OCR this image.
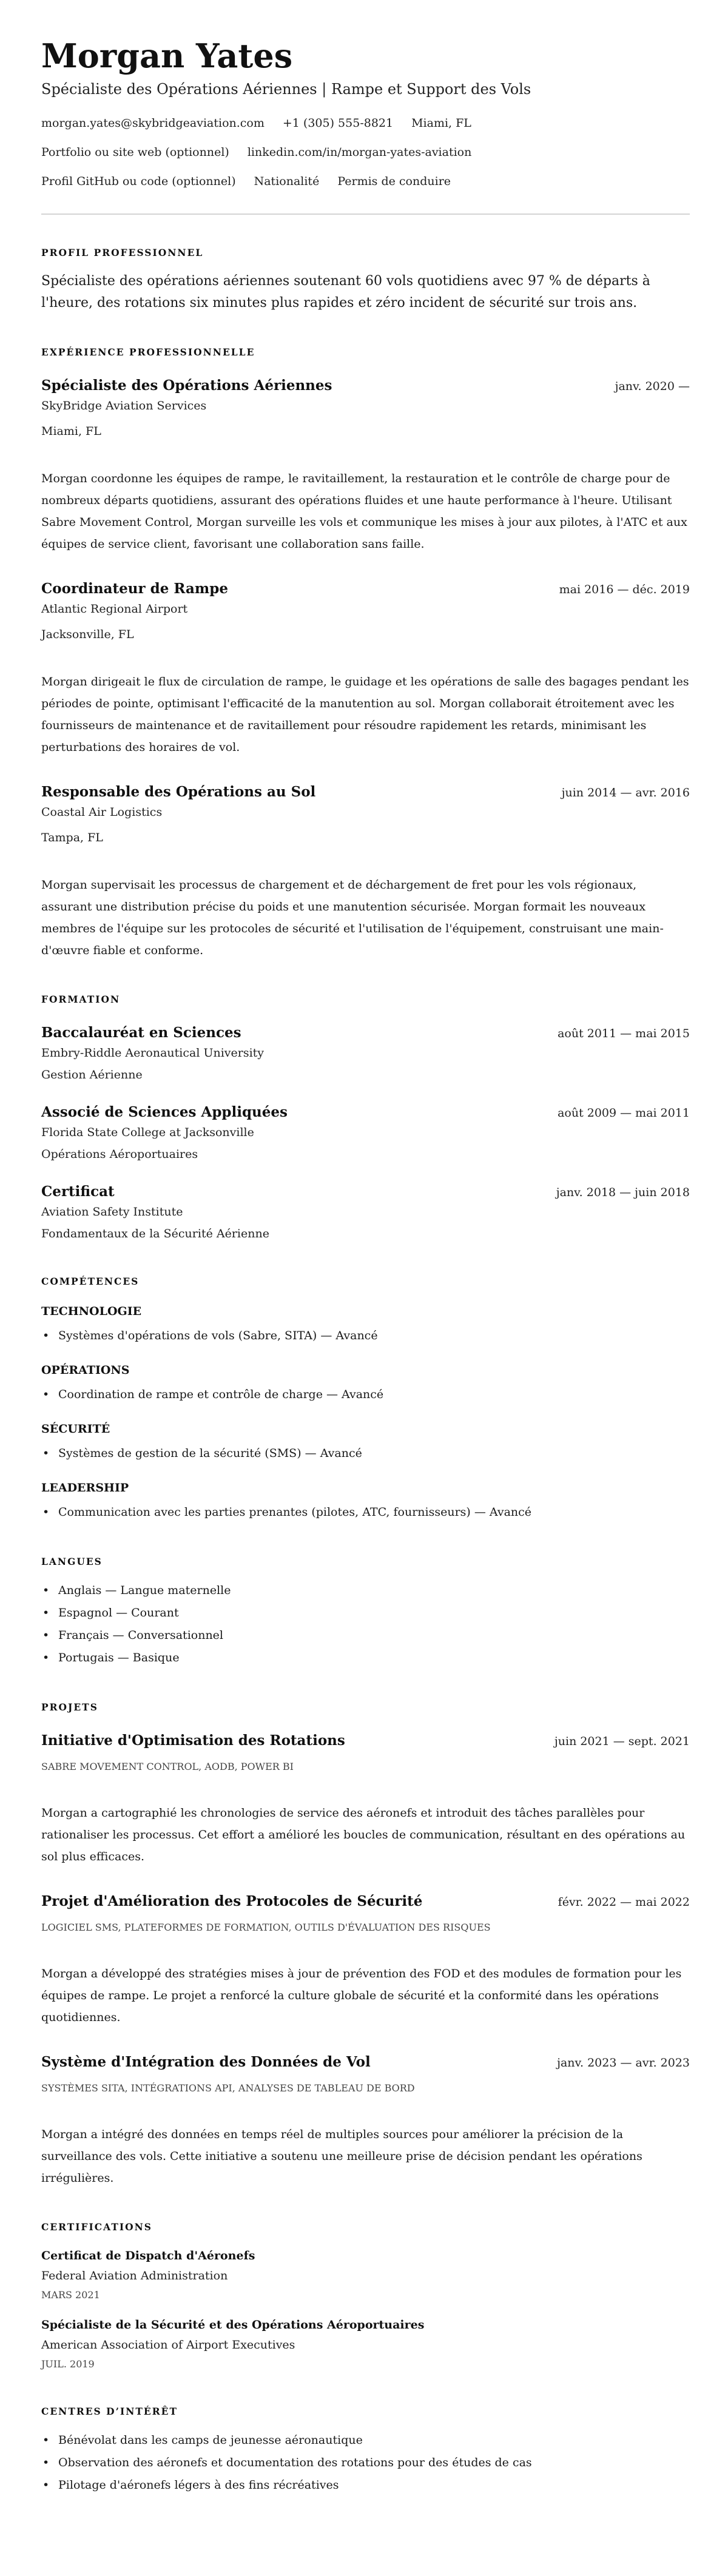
Morgan Yates
Spécialiste des Opérations Aériennes | Rampe et Support des Vols
morgan.yates@skybridgeaviation.com +1 (305) 555-8821 Miami, FL
Portfolio ou site web (optionnel) linkedin.com/in/morgan-yates-aviation
Profil GitHub ou code (optionnel) Nationalité Permis de conduire
PROFIL PROFESSIONNEL

Spécialiste des opérations aériennes soutenant 60 vols quotidiens avec 97 % de départs à l'heure, des rotations six minutes plus rapides et zéro incident de sécurité sur trois ans.

EXPÉRIENCE PROFESSIONNELLE
Spécialiste des Opérations Aériennes	janv. 2020 —
SkyBridge Aviation Services
Miami, FL
Morgan coordonne les équipes de rampe, le ravitaillement, la restauration et le contrôle de charge pour de nombreux départs quotidiens, assurant des opérations fluides et une haute performance à l'heure. Utilisant Sabre Movement Control, Morgan surveille les vols et communique les mises à jour aux pilotes, à l'ATC et aux équipes de service client, favorisant une collaboration sans faille.
Coordinateur de Rampe	mai 2016 — déc. 2019
Atlantic Regional Airport
Jacksonville, FL
Morgan dirigeait le flux de circulation de rampe, le guidage et les opérations de salle des bagages pendant les périodes de pointe, optimisant l'efficacité de la manutention au sol. Morgan collaborait étroitement avec les fournisseurs de maintenance et de ravitaillement pour résoudre rapidement les retards, minimisant les perturbations des horaires de vol.
Responsable des Opérations au Sol	juin 2014 — avr. 2016
Coastal Air Logistics
Tampa, FL
Morgan supervisait les processus de chargement et de déchargement de fret pour les vols régionaux, assurant une distribution précise du poids et une manutention sécurisée. Morgan formait les nouveaux membres de l'équipe sur les protocoles de sécurité et l'utilisation de l'équipement, construisant une main-d'œuvre fiable et conforme.
FORMATION
Baccalauréat en Sciences	août 2011 — mai 2015
Embry-Riddle Aeronautical University
Gestion Aérienne
Associé de Sciences Appliquées	août 2009 — mai 2011
Florida State College at Jacksonville
Opérations Aéroportuaires
Certificat	janv. 2018 — juin 2018
Aviation Safety Institute
Fondamentaux de la Sécurité Aérienne
COMPÉTENCES
TECHNOLOGIE
• Systèmes d'opérations de vols (Sabre, SITA) — Avancé
OPÉRATIONS
• Coordination de rampe et contrôle de charge — Avancé
SÉCURITÉ
• Systèmes de gestion de la sécurité (SMS) — Avancé
LEADERSHIP
• Communication avec les parties prenantes (pilotes, ATC, fournisseurs) — Avancé
LANGUES
• Anglais — Langue maternelle
• Espagnol — Courant
• Français — Conversationnel
• Portugais — Basique
PROJETS
Initiative d'Optimisation des Rotations	juin 2021 — sept. 2021
SABRE MOVEMENT CONTROL, AODB, POWER BI
Morgan a cartographié les chronologies de service des aéronefs et introduit des tâches parallèles pour rationaliser les processus. Cet effort a amélioré les boucles de communication, résultant en des opérations au sol plus efficaces.
Projet d'Amélioration des Protocoles de Sécurité	févr. 2022 — mai 2022
LOGICIEL SMS, PLATEFORMES DE FORMATION, OUTILS D'ÉVALUATION DES RISQUES
Morgan a développé des stratégies mises à jour de prévention des FOD et des modules de formation pour les équipes de rampe. Le projet a renforcé la culture globale de sécurité et la conformité dans les opérations quotidiennes.
Système d'Intégration des Données de Vol	janv. 2023 — avr. 2023
SYSTÈMES SITA, INTÉGRATIONS API, ANALYSES DE TABLEAU DE BORD
Morgan a intégré des données en temps réel de multiples sources pour améliorer la précision de la surveillance des vols. Cette initiative a soutenu une meilleure prise de décision pendant les opérations irrégulières.
CERTIFICATIONS
Certificat de Dispatch d'Aéronefs
Federal Aviation Administration
MARS 2021
Spécialiste de la Sécurité et des Opérations Aéroportuaires
American Association of Airport Executives
JUIL. 2019
CENTRES D’INTÉRÊT
• Bénévolat dans les camps de jeunesse aéronautique
• Observation des aéronefs et documentation des rotations pour des études de cas
• Pilotage d'aéronefs légers à des fins récréatives
